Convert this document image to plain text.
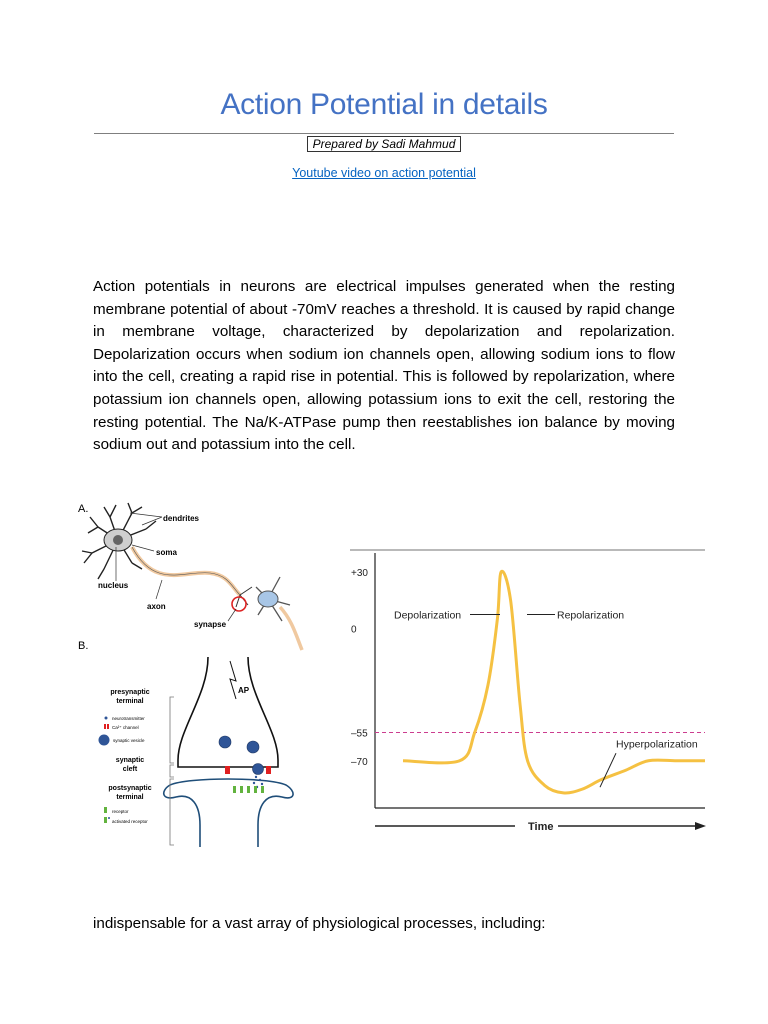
Action Potential in details
Prepared by Sadi Mahmud
Youtube video on action potential
Action potentials in neurons are electrical impulses generated when the resting membrane potential of about -70mV reaches a threshold. It is caused by rapid change in membrane voltage, characterized by depolarization and repolarization. Depolarization occurs when sodium ion channels open, allowing sodium ions to flow into the cell, creating a rapid rise in potential. This is followed by repolarization, where potassium ion channels open, allowing potassium ions to exit the cell, restoring the resting potential. The Na/K-ATPase pump then reestablishes ion balance by moving sodium out and potassium into the cell.
A.
dendrites
soma
nucleus
axon
synapse
B.
AP
presynaptic
terminal
neurotransmitter
Ca²⁺ channel
synaptic vesicle
synaptic
cleft
postsynaptic
terminal
receptor
activated receptor
+30
0
–55
–70
Depolarization	Repolarization
Hyperpolarization
Time
indispensable for a vast array of physiological processes, including:
